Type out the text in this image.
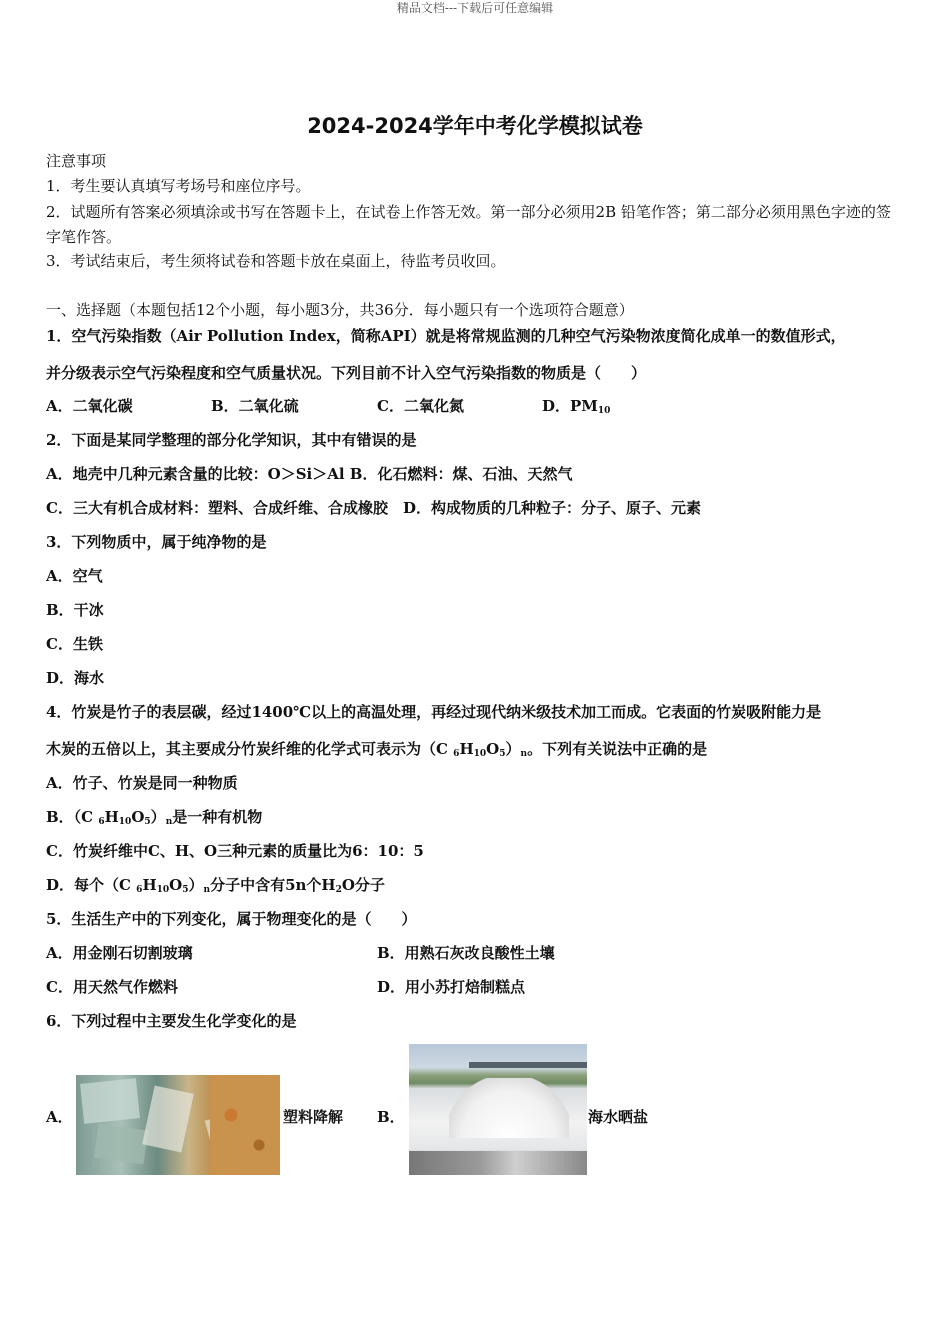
精品文档---下载后可任意编辑
2024-2024学年中考化学模拟试卷
注意事项
1．考生要认真填写考场号和座位序号。
2．试题所有答案必须填涂或书写在答题卡上，在试卷上作答无效。第一部分必须用2B 铅笔作答；第二部分必须用黑色字迹的签字笔作答。
3．考试结束后，考生须将试卷和答题卡放在桌面上，待监考员收回。
一、选择题（本题包括12个小题，每小题3分，共36分．每小题只有一个选项符合题意）
1．空气污染指数（Air Pollution Index，简称API）就是将常规监测的几种空气污染物浓度简化成单一的数值形式，
并分级表示空气污染程度和空气质量状况。下列目前不计入空气污染指数的物质是（　　）
A．二氧化碳	B．二氧化硫	C．二氧化氮	D．$PM_{10}$
2．下面是某同学整理的部分化学知识，其中有错误的是
A．地壳中几种元素含量的比较：O＞Si＞Al B．化石燃料：煤、石油、天然气
C．三大有机合成材料：塑料、合成纤维、合成橡胶　D．构成物质的几种粒子：分子、原子、元素
3．下列物质中，属于纯净物的是
A．空气
B．干冰
C．生铁
D．海水
4．竹炭是竹子的表层碳，经过1400℃以上的高温处理，再经过现代纳米级技术加工而成。它表面的竹炭吸附能力是
木炭的五倍以上，其主要成分竹炭纤维的化学式可表示为（C $_6H_{10}O_5)_n$。下列有关说法中正确的是
A．竹子、竹炭是同一种物质
B．（C $_6H_{10}O_5)_n$是一种有机物
C．竹炭纤维中C、H、O三种元素的质量比为6：10：5
D．每个（C $_6H_{10}O_5)_n$分子中含有5n个$H_2O$分子
5．生活生产中的下列变化，属于物理变化的是（　　）
A．用金刚石切割玻璃	B．用熟石灰改良酸性土壤
C．用天然气作燃料	D．用小苏打焙制糕点
6．下列过程中主要发生化学变化的是
A．	塑料降解 B．	海水晒盐
